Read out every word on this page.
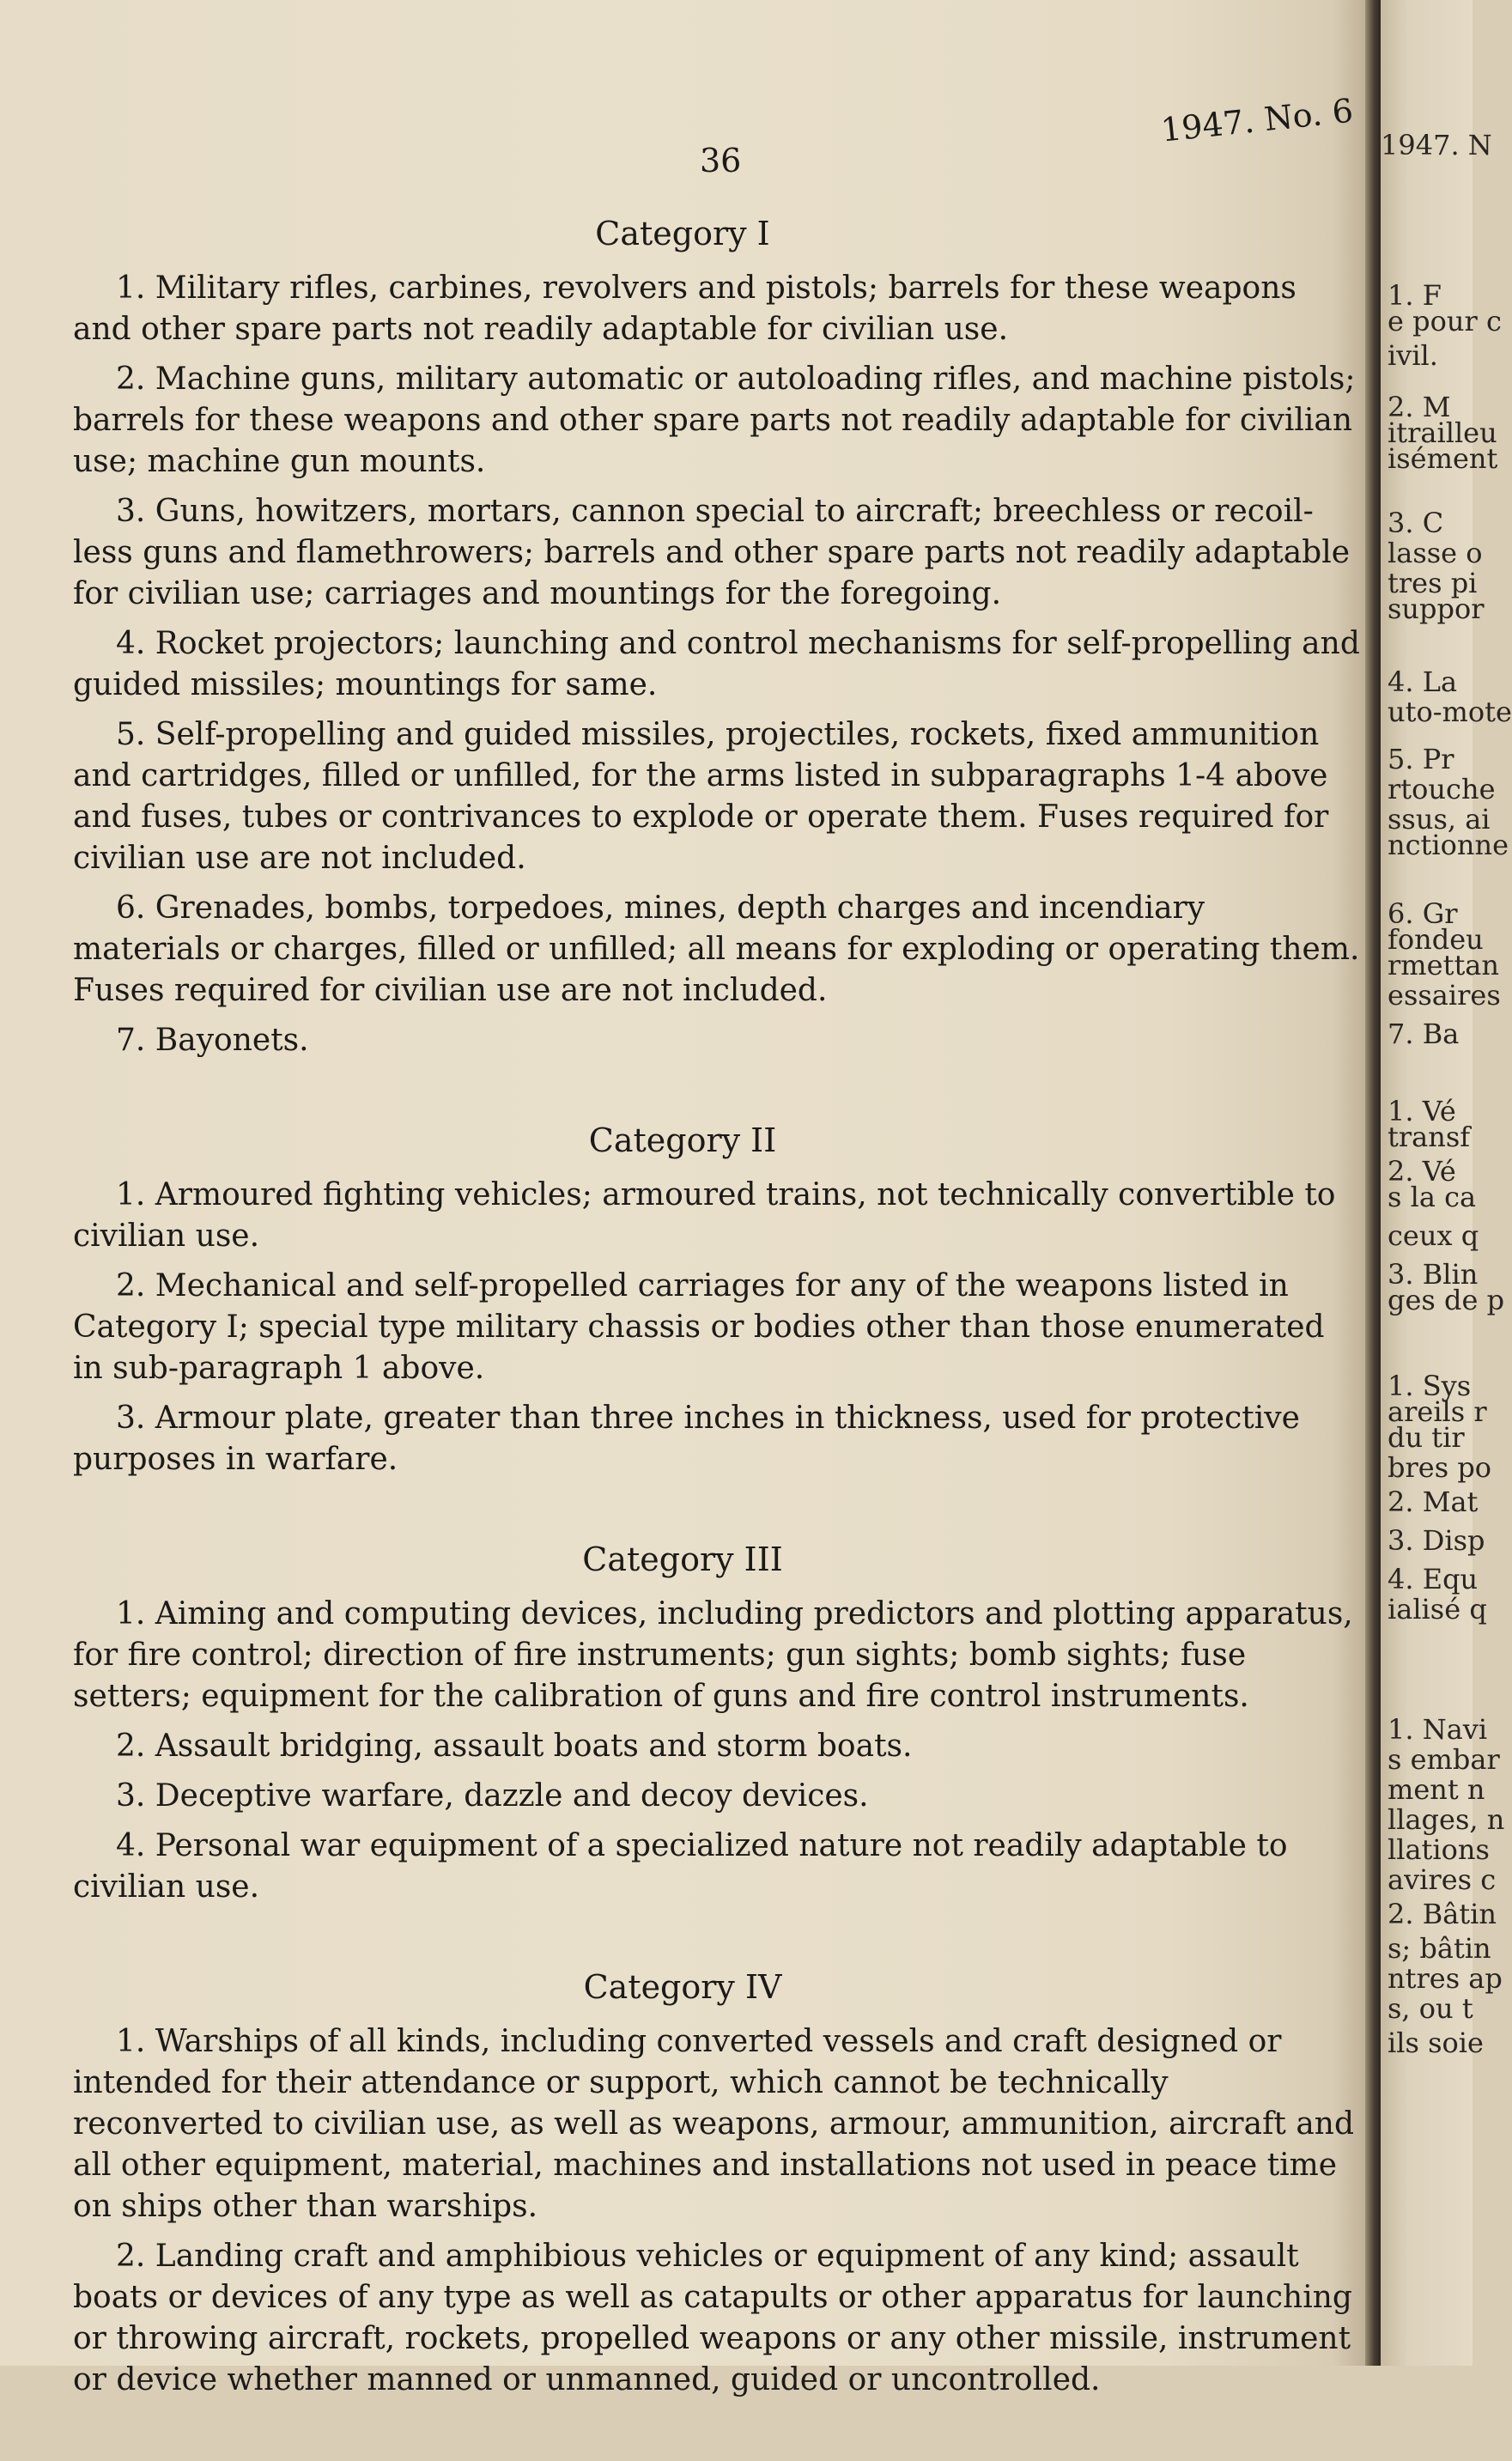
36
1947. No. 6
Category I

1. Military rifles, carbines, revolvers and pistols; barrels for these weapons and other spare parts not readily adaptable for civilian use.

2. Machine guns, military automatic or autoloading rifles, and machine pistols; barrels for these weapons and other spare parts not readily adaptable for civilian use; machine gun mounts.

3. Guns, howitzers, mortars, cannon special to aircraft; breechless or recoil-less guns and flamethrowers; barrels and other spare parts not readily adaptable for civilian use; carriages and mountings for the foregoing.

4. Rocket projectors; launching and control mechanisms for self-propelling and guided missiles; mountings for same.

5. Self-propelling and guided missiles, projectiles, rockets, fixed ammunition and cartridges, filled or unfilled, for the arms listed in subparagraphs 1-4 above and fuses, tubes or contrivances to explode or operate them. Fuses required for civilian use are not included.

6. Grenades, bombs, torpedoes, mines, depth charges and incendiary materials or charges, filled or unfilled; all means for exploding or operating them. Fuses required for civilian use are not included.

7. Bayonets.

Category II

1. Armoured fighting vehicles; armoured trains, not technically convertible to civilian use.

2. Mechanical and self-propelled carriages for any of the weapons listed in Category I; special type military chassis or bodies other than those enumerated in sub-paragraph 1 above.

3. Armour plate, greater than three inches in thickness, used for protective purposes in warfare.

Category III

1. Aiming and computing devices, including predictors and plotting apparatus, for fire control; direction of fire instruments; gun sights; bomb sights; fuse setters; equipment for the calibration of guns and fire control instruments.

2. Assault bridging, assault boats and storm boats.

3. Deceptive warfare, dazzle and decoy devices.

4. Personal war equipment of a specialized nature not readily adaptable to civilian use.

Category IV

1. Warships of all kinds, including converted vessels and craft designed or intended for their attendance or support, which cannot be technically reconverted to civilian use, as well as weapons, armour, ammunition, aircraft and all other equipment, material, machines and installations not used in peace time on ships other than warships.

2. Landing craft and amphibious vehicles or equipment of any kind; assault boats or devices of any type as well as catapults or other apparatus for launching or throwing aircraft, rockets, propelled weapons or any other missile, instrument or device whether manned or unmanned, guided or uncontrolled.

1947. N
1. F
e pour c
ivil.
2. M
itrailleu
isément
3. C
lasse o
tres pi
suppor
4. La
uto-mote
5. Pr
rtouche
ssus, ai
nctionne
6. Gr
fondeu
rmettan
essaires
7. Ba
1. Vé
transf
2. Vé
s la ca
ceux q
3. Blin
ges de p
1. Sys
areils r
du tir
bres po
2. Mat
3. Disp
4. Equ
ialisé q
1. Navi
s embar
ment n
llages, n
llations
avires c
2. Bâtin
s; bâtin
ntres ap
s, ou t
ils soie
